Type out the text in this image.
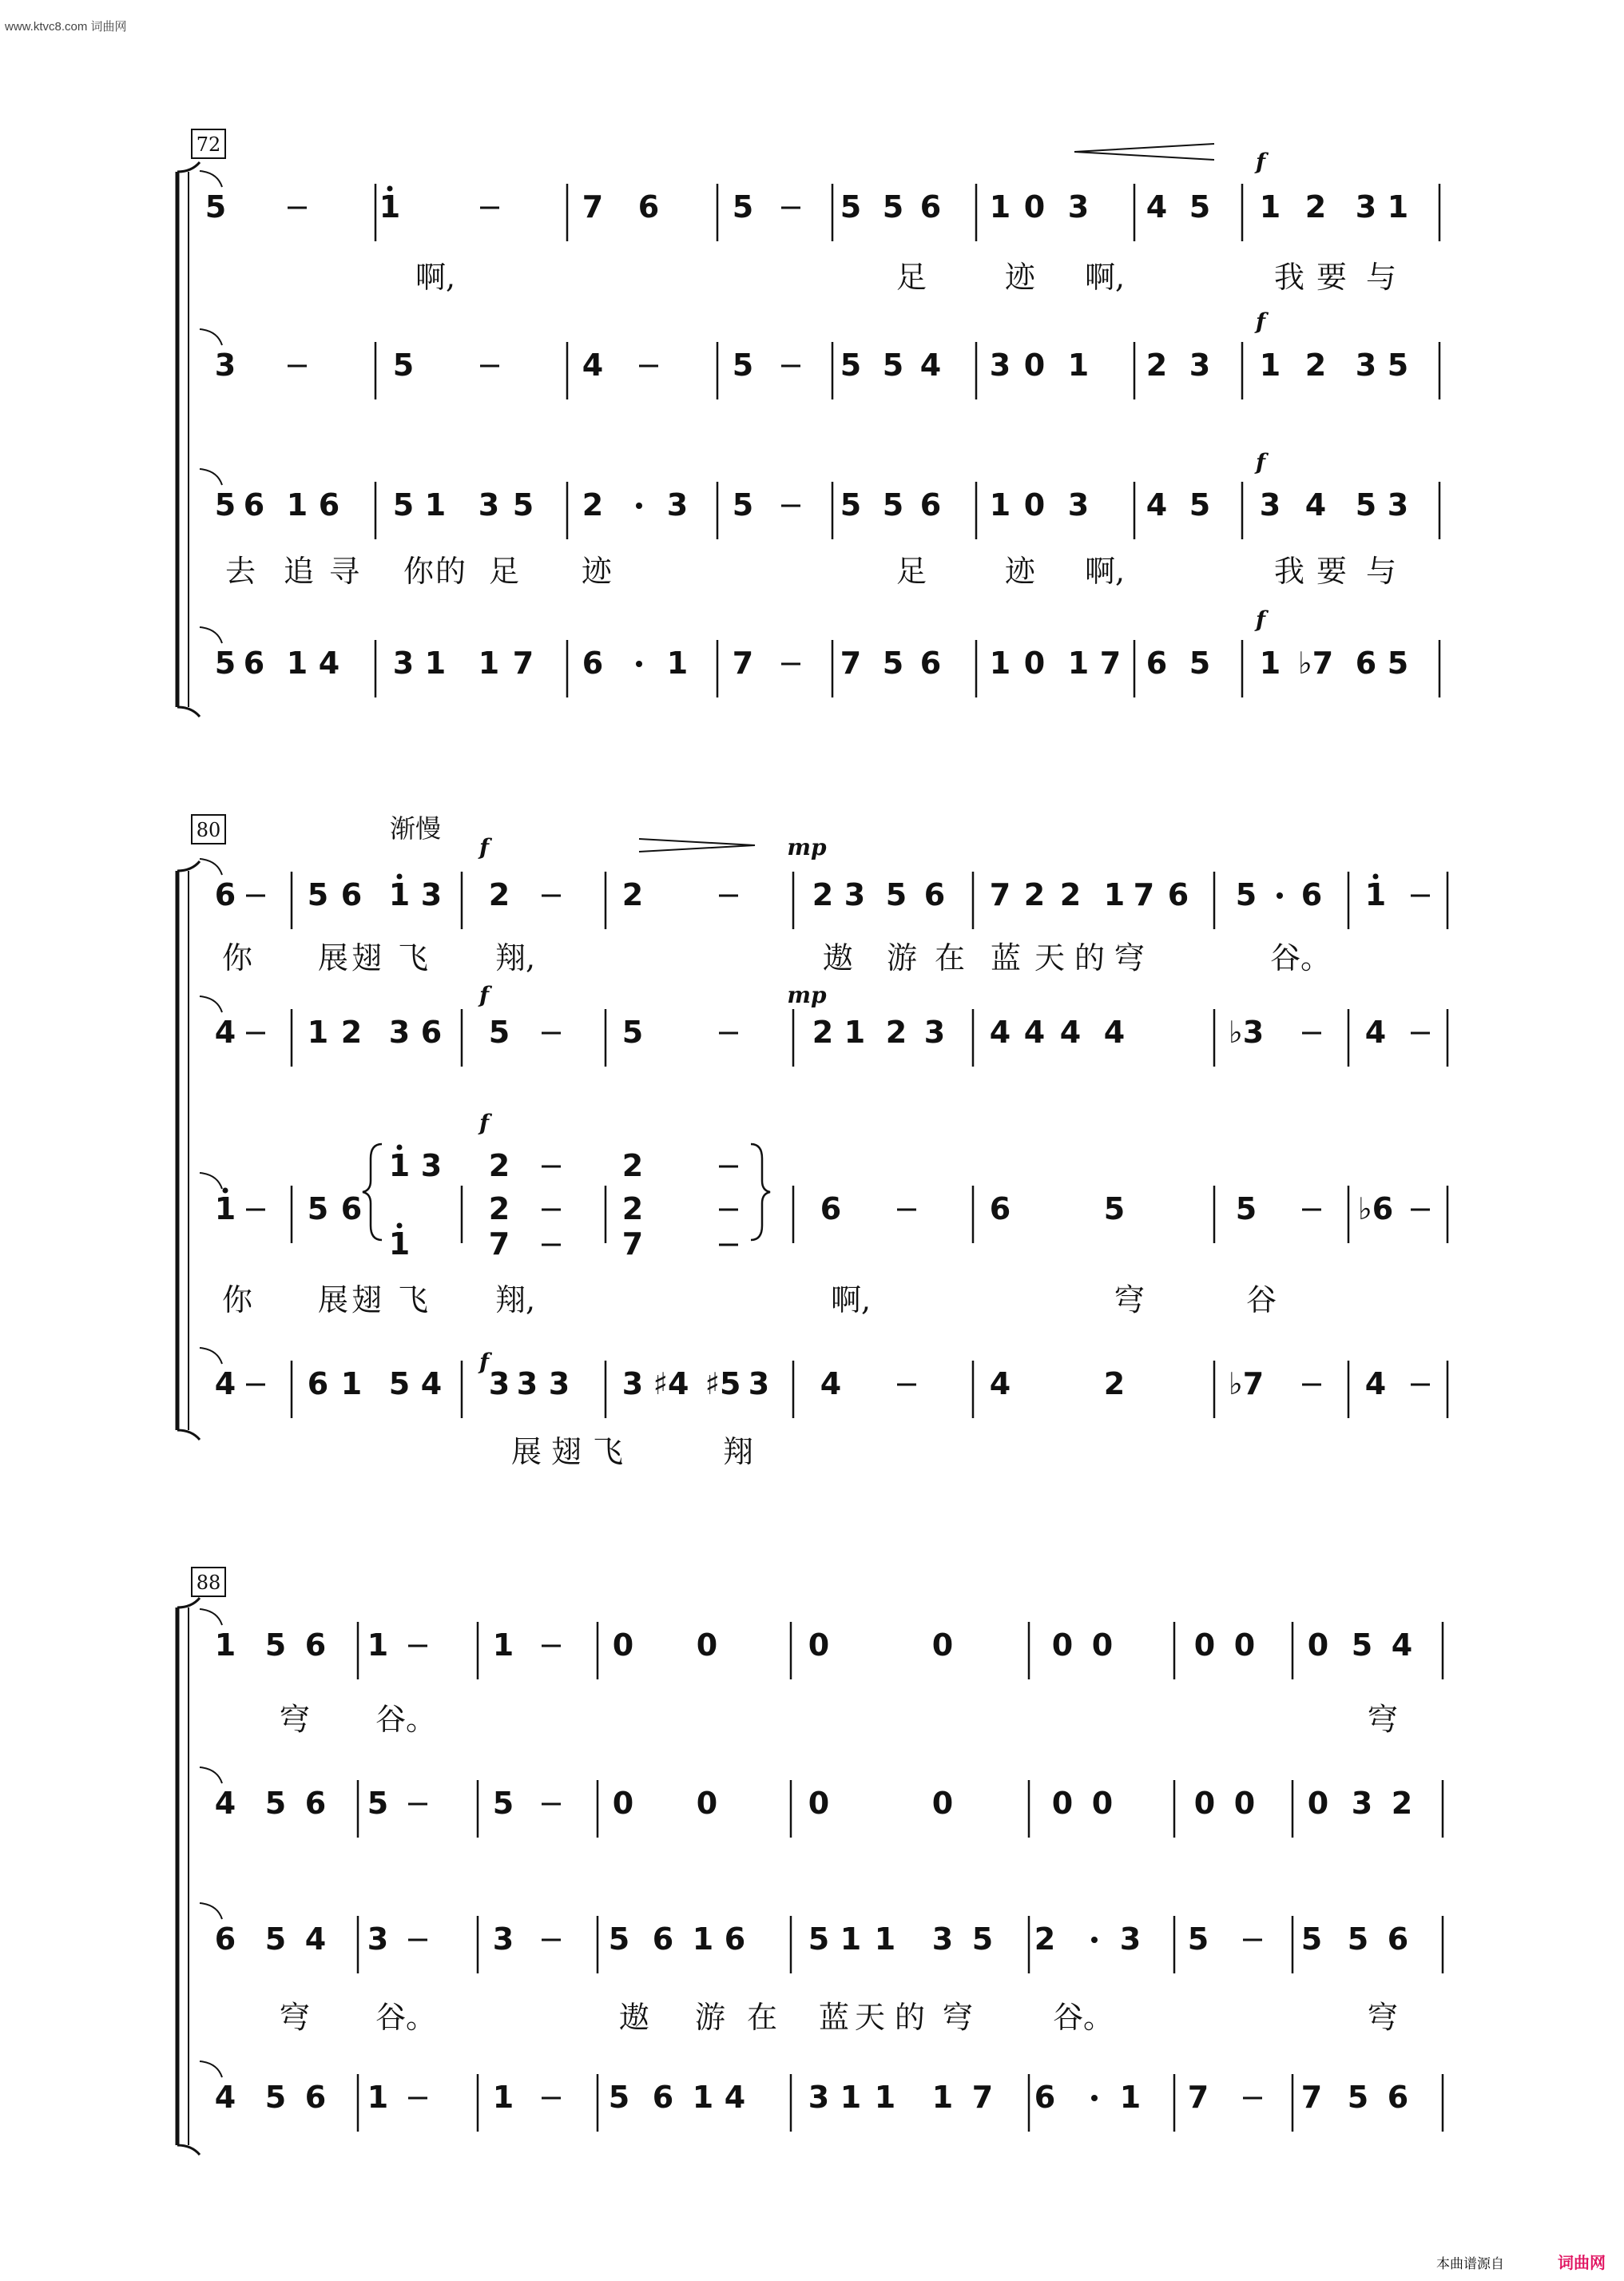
www.ktvc8.com 词曲网
72
5	1	7 6 5	5 5 6 1 0 3 4 5 1 2 3 1
3	5	4	5	5 5 4 3 0 1 2 3 1 2 3 5
5 6 1 6 5 1 3 5 2 3 5	5 5 6 1 0 3 4 5 3 4 5 3
5 6 1 4 3 1 1 7 6 1 7	7 5 6 1 0 1 7 6 5 1 ♭7 6 5
啊,	足	迹 啊,	我 要 与
去 追 寻 你 的 足 迹	足	迹 啊,	我 要 与
f
f
f
f
80	渐慢
6 5 6 1 3 2	2	2 3 5 6 7 2 2 1 7 6 5 6 1
4 1 2 3 6 5	5	2 1 2 3 4 4 4 4	♭3	4
1 5 6	2	2	6	6	5	5	♭6
4 6 1 5 4 3 3 3 3 ♯4 ♯5 3 4	4	2	♭7	4
你 展 翅 飞 翔,	遨 游 在 蓝 天 的 穹	谷。
你 展 翅 飞 翔,	啊,	穹	谷
展 翅 飞	翔
f	mp
f	mp
f
f
1 3 2	2
1	7	7
88
1 5 6 1	1	0 0	0	0	0 0	0 0 0 5 4
4 5 6 5	5	0 0	0	0	0 0	0 0 0 3 2
6 5 4 3	3	5 6 1 6 5 1 1 3 5 2 3 5	5 5 6
4 5 6 1	1	5 6 1 4 3 1 1 1 7 6 1 7	7 5 6
穹 谷。	穹
穹 谷。	遨 游 在 蓝 天 的 穹	谷。	穹
本曲谱源自	词曲网
